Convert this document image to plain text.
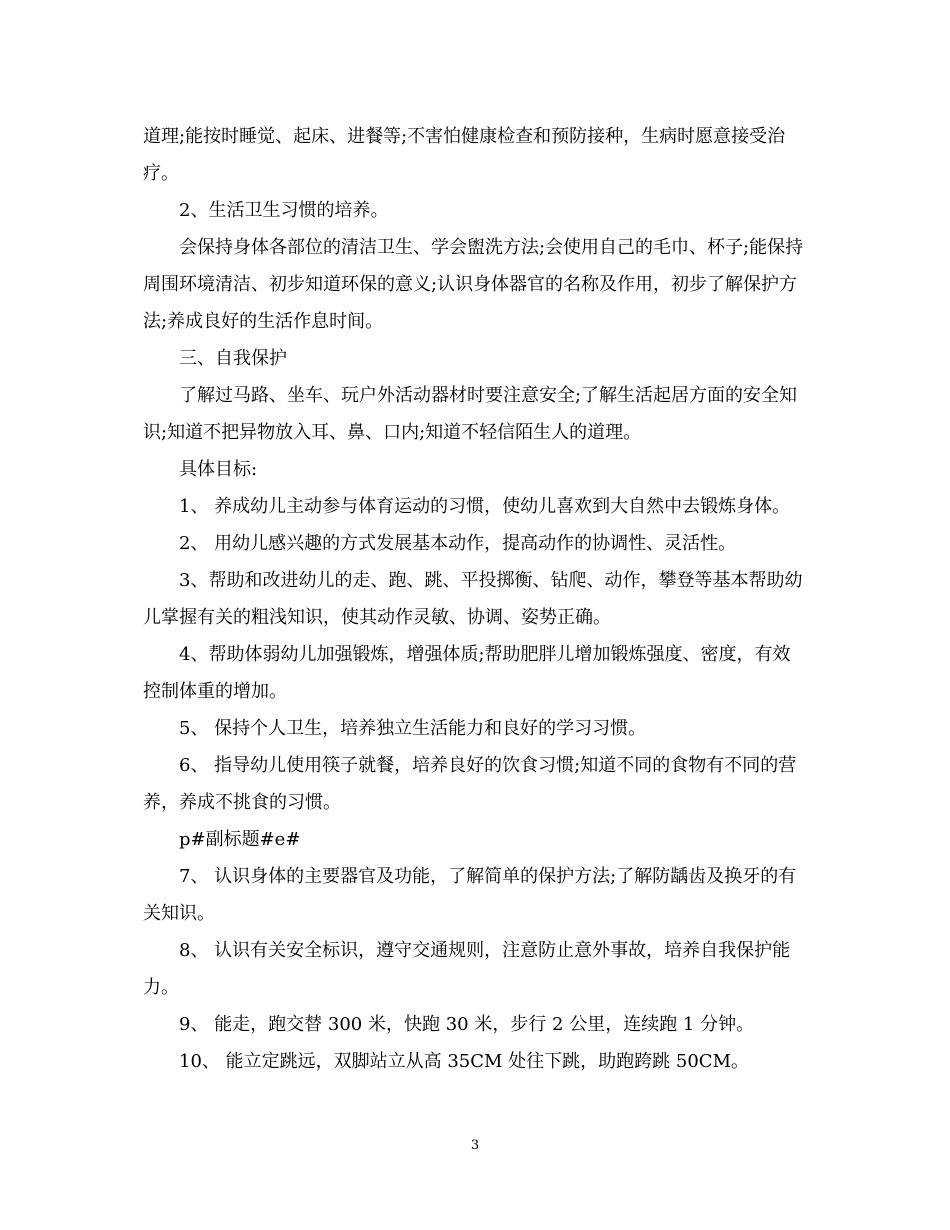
道理;能按时睡觉、起床、进餐等;不害怕健康检查和预防接种，生病时愿意接受治疗。

2、生活卫生习惯的培养。

会保持身体各部位的清洁卫生、学会盥洗方法;会使用自己的毛巾、杯子;能保持周围环境清洁、初步知道环保的意义;认识身体器官的名称及作用，初步了解保护方法;养成良好的生活作息时间。

三、自我保护

了解过马路、坐车、玩户外活动器材时要注意安全;了解生活起居方面的安全知识;知道不把异物放入耳、鼻、口内;知道不轻信陌生人的道理。

具体目标:

1、 养成幼儿主动参与体育运动的习惯，使幼儿喜欢到大自然中去锻炼身体。

2、 用幼儿感兴趣的方式发展基本动作，提高动作的协调性、灵活性。

3、帮助和改进幼儿的走、跑、跳、平投掷衡、钻爬、动作，攀登等基本帮助幼儿掌握有关的粗浅知识，使其动作灵敏、协调、姿势正确。

4、帮助体弱幼儿加强锻炼，增强体质;帮助肥胖儿增加锻炼强度、密度，有效控制体重的增加。

5、 保持个人卫生，培养独立生活能力和良好的学习习惯。

6、 指导幼儿使用筷子就餐，培养良好的饮食习惯;知道不同的食物有不同的营养，养成不挑食的习惯。

p#副标题#e#

7、 认识身体的主要器官及功能，了解简单的保护方法;了解防龋齿及换牙的有关知识。

8、 认识有关安全标识，遵守交通规则，注意防止意外事故，培养自我保护能力。

9、 能走，跑交替 300 米，快跑 30 米，步行 2 公里，连续跑 1 分钟。

10、 能立定跳远，双脚站立从高 35CM 处往下跳，助跑跨跳 50CM。

3
